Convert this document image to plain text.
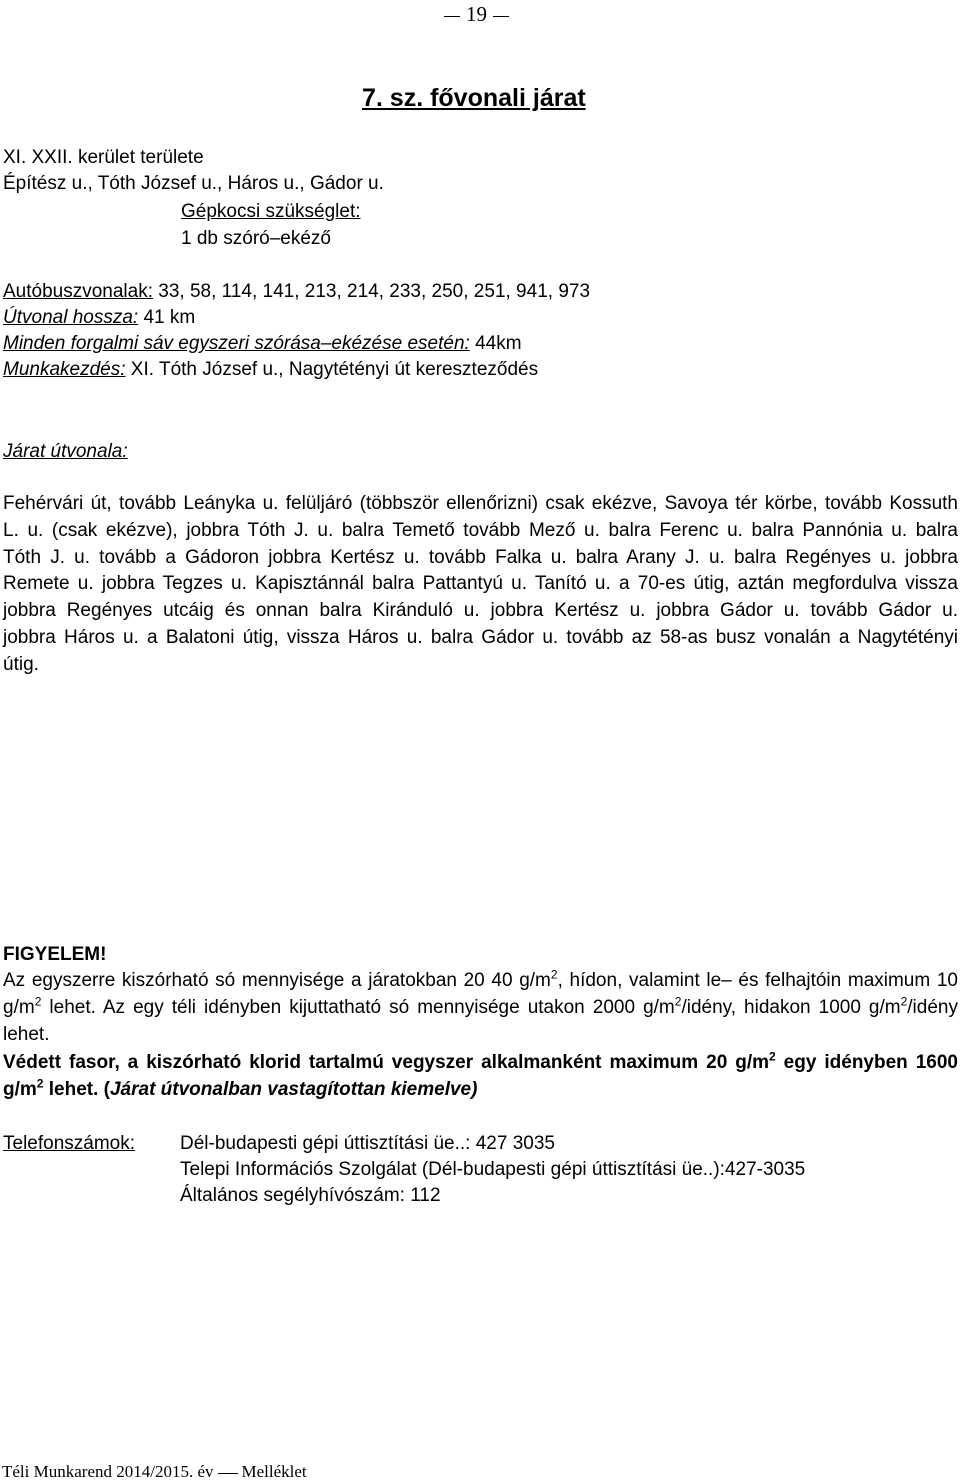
19
7. sz. fővonali járat
XI. XXII. kerület területe
Építész u., Tóth József u., Háros u., Gádor u.
Gépkocsi szükséglet:
1 db szóró–ekéző
Autóbuszvonalak: 33, 58, 114, 141, 213, 214, 233, 250, 251, 941, 973
Útvonal hossza: 41 km
Minden forgalmi sáv egyszeri szórása–ekézése esetén: 44km
Munkakezdés: XI. Tóth József u., Nagytétényi út kereszteződés
Járat útvonala:
Fehérvári út, tovább Leányka u. felüljáró (többször ellenőrizni) csak ekézve, Savoya tér körbe, tovább Kossuth L. u. (csak ekézve), jobbra Tóth J. u. balra Temető tovább Mező u. balra Ferenc u. balra Pannónia u. balra Tóth J. u. tovább a Gádoron jobbra Kertész u. tovább Falka u. balra Arany J. u. balra Regényes u. jobbra Remete u. jobbra Tegzes u. Kapisztánnál balra Pattantyú u. Tanító u. a 70-es útig, aztán megfordulva vissza jobbra Regényes utcáig és onnan balra Kiránduló u. jobbra Kertész u. jobbra Gádor u. tovább Gádor u. jobbra Háros u. a Balatoni útig, vissza Háros u. balra Gádor u. tovább az 58-as busz vonalán a Nagytétényi útig.
FIGYELEM!
Az egyszerre kiszórható só mennyisége a járatokban 20 40 $g/m^2$, hídon, valamint le– és felhajtóin maximum 10 $g/m^2$ lehet. Az egy téli idényben kijuttatható só mennyisége utakon 2000 $g/m^2$/idény, hidakon 1000 $g/m^2$/idény lehet.
Védett fasor, a kiszórható klorid tartalmú vegyszer alkalmanként maximum 20 $g/m^2$ egy idényben 1600 $g/m^2$ lehet. (Járat útvonalban vastagítottan kiemelve)
Telefonszámok: Dél-budapesti gépi úttisztítási üe..: 427 3035
Telepi Információs Szolgálat (Dél-budapesti gépi úttisztítási üe..):427-3035
Általános segélyhívószám: 112
Téli Munkarend 2014/2015. év Melléklet
